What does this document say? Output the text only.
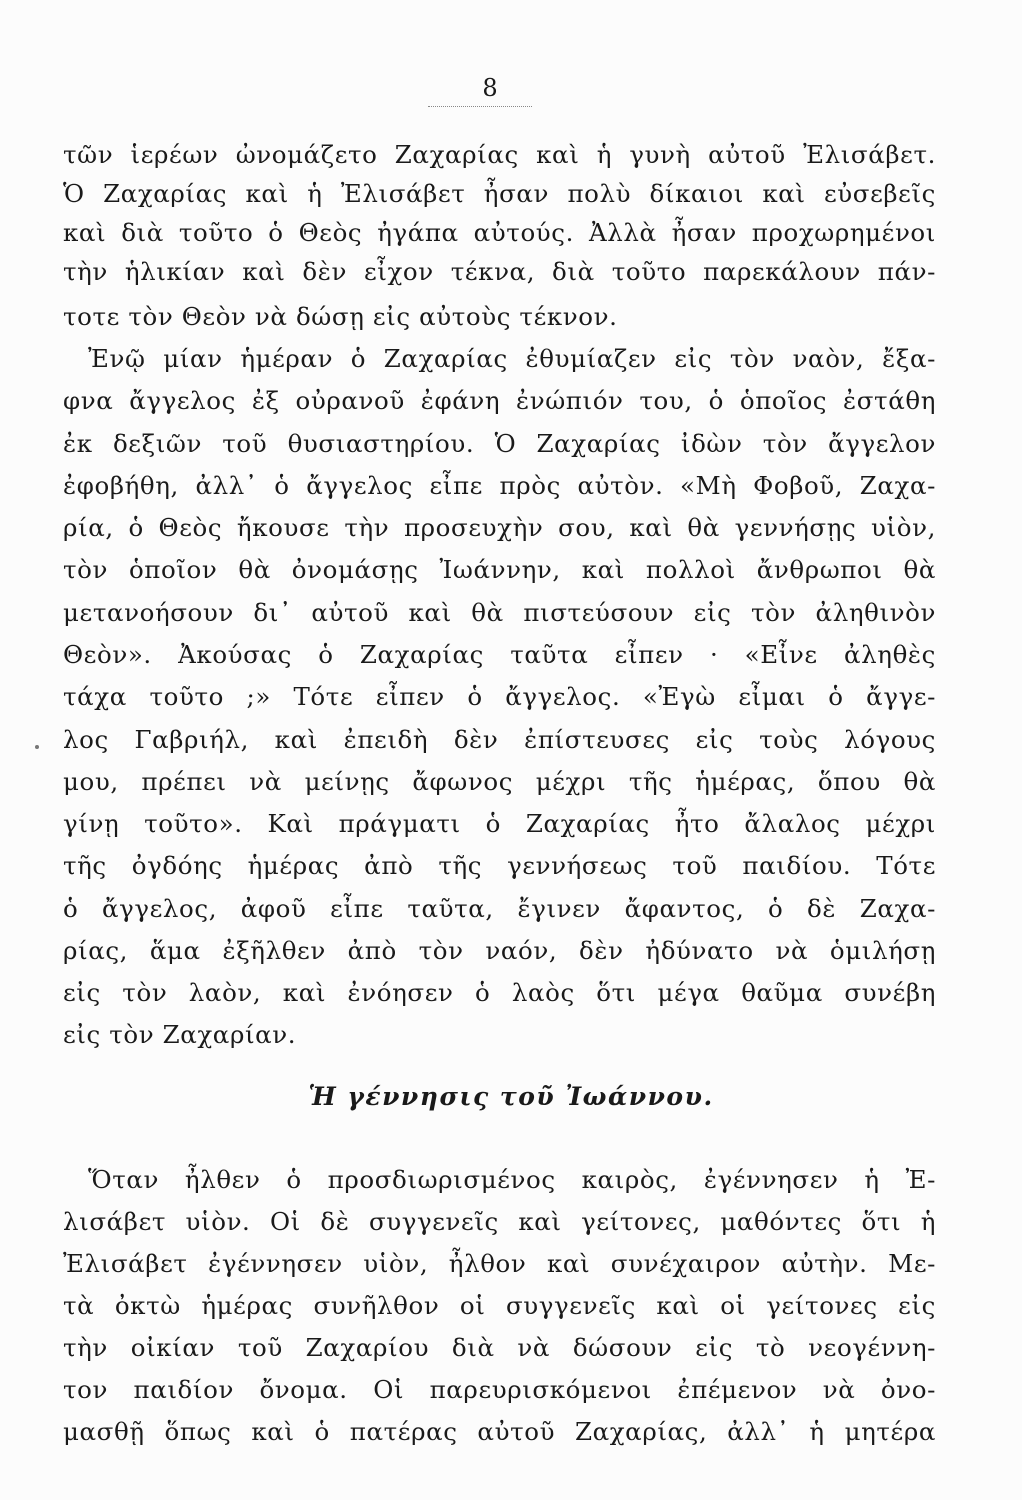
8
τῶν ἱερέων ὠνομάζετο Ζαχαρίας καὶ ἡ γυνὴ αὐτοῦ Ἐλισάβετ.
Ὁ Ζαχαρίας καὶ ἡ Ἐλισάβετ ἦσαν πολὺ δίκαιοι καὶ εὐσεβεῖς
καὶ διὰ τοῦτο ὁ Θεὸς ἠγάπα αὐτούς. Ἀλλὰ ἦσαν προχωρημένοι
τὴν ἡλικίαν καὶ δὲν εἶχον τέκνα, διὰ τοῦτο παρεκάλουν πάν-
τοτε τὸν Θεὸν νὰ δώσῃ εἰς αὐτοὺς τέκνον.
Ἐνῷ μίαν ἡμέραν ὁ Ζαχαρίας ἐθυμίαζεν εἰς τὸν ναὸν, ἔξα-
φνα ἄγγελος ἐξ οὐρανοῦ ἐφάνη ἐνώπιόν του, ὁ ὁποῖος ἐστάθη
ἐκ δεξιῶν τοῦ θυσιαστηρίου. Ὁ Ζαχαρίας ἰδὼν τὸν ἄγγελον
ἐφοβήθη, ἀλλ᾽ ὁ ἄγγελος εἶπε πρὸς αὐτὸν. «Μὴ Φοβοῦ, Ζαχα-
ρία, ὁ Θεὸς ἤκουσε τὴν προσευχὴν σου, καὶ θὰ γεννήσῃς υἱὸν,
τὸν ὁποῖον θὰ ὀνομάσῃς Ἰωάννην, καὶ πολλοὶ ἄνθρωποι θὰ
μετανοήσουν δι᾽ αὐτοῦ καὶ θὰ πιστεύσουν εἰς τὸν ἀληθινὸν
Θεὸν». Ἀκούσας ὁ Ζαχαρίας ταῦτα εἶπεν · «Εἶνε ἀληθὲς
τάχα τοῦτο ;» Τότε εἶπεν ὁ ἄγγελος. «Ἐγὼ εἶμαι ὁ ἄγγε-
λος Γαβριήλ, καὶ ἐπειδὴ δὲν ἐπίστευσες εἰς τοὺς λόγους
μου, πρέπει νὰ μείνῃς ἄφωνος μέχρι τῆς ἡμέρας, ὅπου θὰ
γίνῃ τοῦτο». Καὶ πράγματι ὁ Ζαχαρίας ἦτο ἄλαλος μέχρι
τῆς ὀγδόης ἡμέρας ἀπὸ τῆς γεννήσεως τοῦ παιδίου. Τότε
ὁ ἄγγελος, ἀφοῦ εἶπε ταῦτα, ἔγινεν ἄφαντος, ὁ δὲ Ζαχα-
ρίας, ἅμα ἐξῆλθεν ἀπὸ τὸν ναόν, δὲν ἠδύνατο νὰ ὁμιλήσῃ
εἰς τὸν λαὸν, καὶ ἐνόησεν ὁ λαὸς ὅτι μέγα θαῦμα συνέβη
εἰς τὸν Ζαχαρίαν.
Ἡ γέννησις τοῦ Ἰωάννου.
Ὅταν ἦλθεν ὁ προσδιωρισμένος καιρὸς, ἐγέννησεν ἡ Ἐ-
λισάβετ υἱὸν. Οἱ δὲ συγγενεῖς καὶ γείτονες, μαθόντες ὅτι ἡ
Ἐλισάβετ ἐγέννησεν υἱὸν, ἦλθον καὶ συνέχαιρον αὐτὴν. Με-
τὰ ὀκτὼ ἡμέρας συνῆλθον οἱ συγγενεῖς καὶ οἱ γείτονες εἰς
τὴν οἰκίαν τοῦ Ζαχαρίου διὰ νὰ δώσουν εἰς τὸ νεογέννη-
τον παιδίον ὄνομα. Οἱ παρευρισκόμενοι ἐπέμενον νὰ ὀνο-
μασθῇ ὅπως καὶ ὁ πατέρας αὐτοῦ Ζαχαρίας, ἀλλ᾽ ἡ μητέρα
